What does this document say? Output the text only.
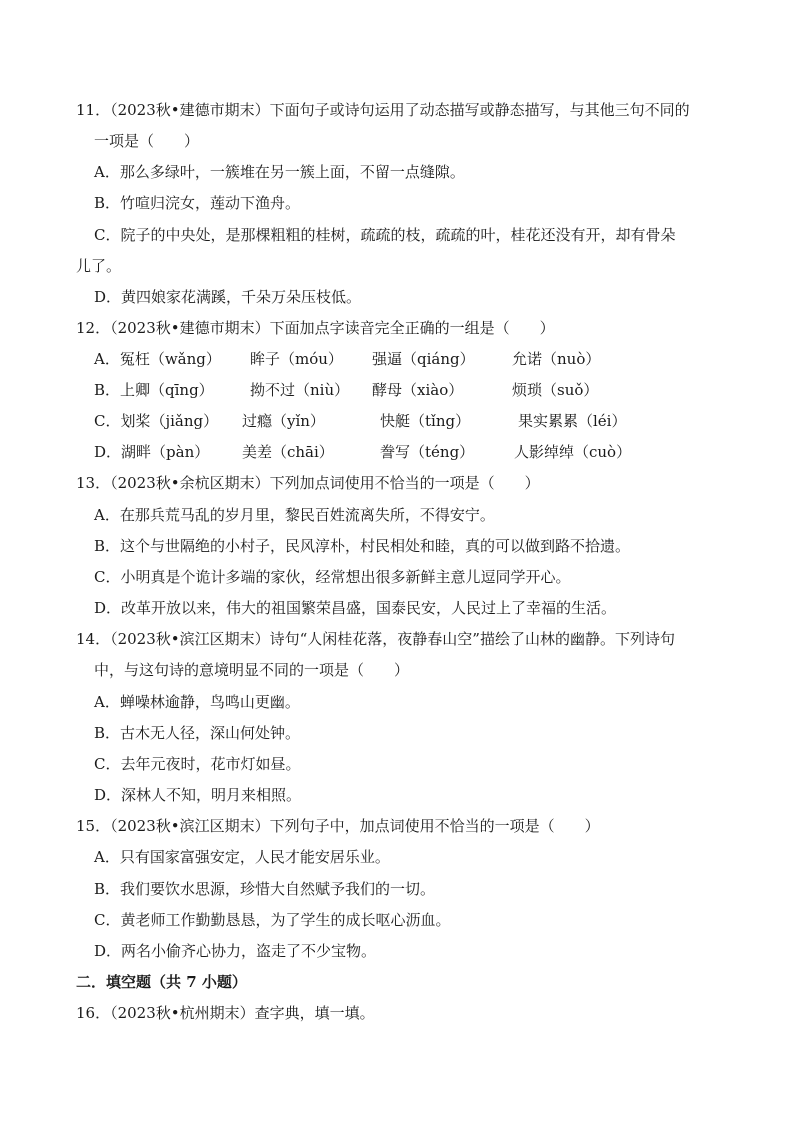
11．（2023秋•建德市期末）下面句子或诗句运用了动态描写或静态描写，与其他三句不同的
一项是（　　）
A．那么多绿叶，一簇堆在另一簇上面，不留一点缝隙。
B．竹喧归浣女，莲动下渔舟。
C．院子的中央处，是那棵粗粗的桂树，疏疏的枝，疏疏的叶，桂花还没有开，却有骨朵
儿了。
D．黄四娘家花满蹊，千朵万朵压枝低。
12．（2023秋•建德市期末）下面加点字读音完全正确的一组是（　　）
A．冤枉（wǎng） 眸子（móu） 强逼（qiáng） 允诺（nuò）
B．上卿（qīng） 拗不过（niù） 酵母（xiào）	烦琐（suǒ）
C．划桨（jiǎng） 过瘾（yǐn）	快艇（tǐng）	果实累累（léi）
D．湖畔（pàn） 美差（chāi）	誊写（téng）	人影绰绰（cuò）
13．（2023秋•余杭区期末）下列加点词使用不恰当的一项是（　　）
A．在那兵荒马乱的岁月里，黎民百姓流离失所，不得安宁。
B．这个与世隔绝的小村子，民风淳朴，村民相处和睦，真的可以做到路不拾遗。
C．小明真是个诡计多端的家伙，经常想出很多新鲜主意儿逗同学开心。
D．改革开放以来，伟大的祖国繁荣昌盛，国泰民安，人民过上了幸福的生活。
14．（2023秋•滨江区期末）诗句“人闲桂花落，夜静春山空”描绘了山林的幽静。下列诗句
中，与这句诗的意境明显不同的一项是（　　）
A．蝉噪林逾静，鸟鸣山更幽。
B．古木无人径，深山何处钟。
C．去年元夜时，花市灯如昼。
D．深林人不知，明月来相照。
15．（2023秋•滨江区期末）下列句子中，加点词使用不恰当的一项是（　　）
A．只有国家富强安定，人民才能安居乐业。
B．我们要饮水思源，珍惜大自然赋予我们的一切。
C．黄老师工作勤勤恳恳，为了学生的成长呕心沥血。
D．两名小偷齐心协力，盗走了不少宝物。
二．填空题（共 7 小题）
16．（2023秋•杭州期末）查字典，填一填。
